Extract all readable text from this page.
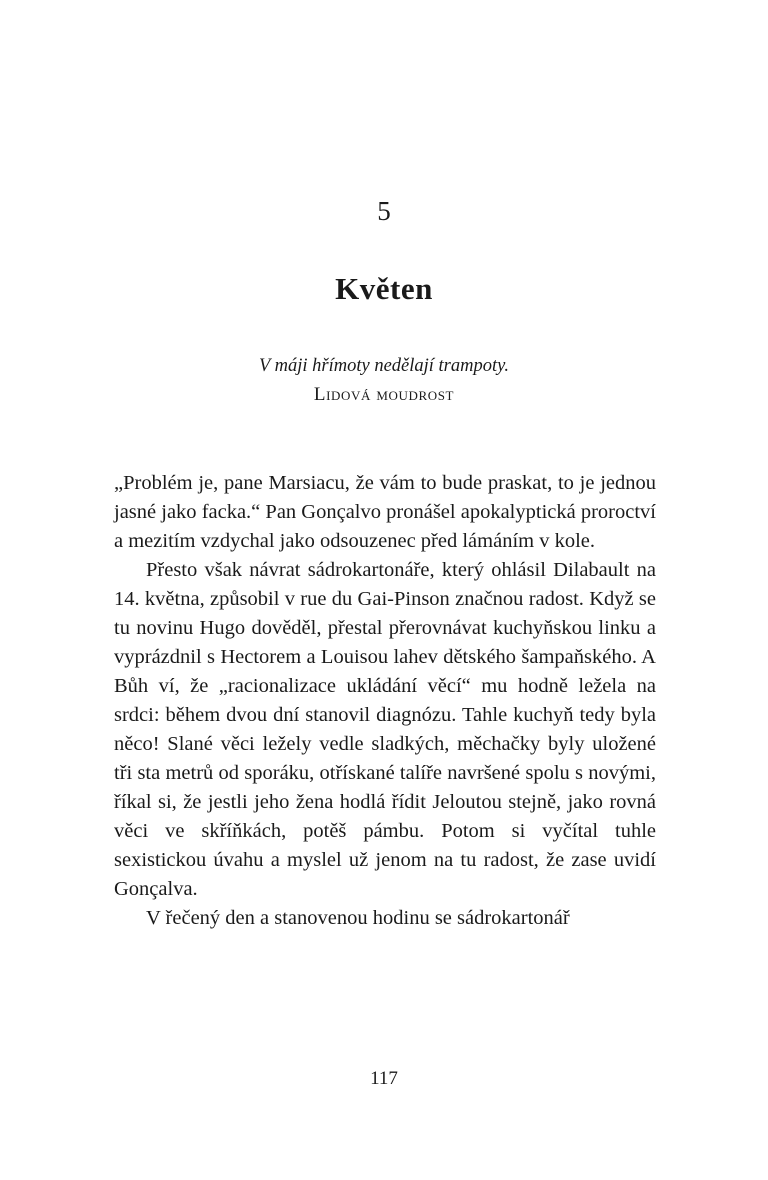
5
Květen
V máji hřímoty nedělají trampoty.
Lidová moudrost

„Problém je, pane Marsiacu, že vám to bude praskat, to je jednou jasné jako facka.“ Pan Gonçalvo pronášel apokalyptická proroctví a mezitím vzdychal jako odsouzenec před lámáním v kole.

Přesto však návrat sádrokartonáře, který ohlásil Dilabault na 14. května, způsobil v rue du Gai-Pinson značnou radost. Když se tu novinu Hugo dověděl, přestal přerovnávat kuchyňskou linku a vyprázdnil s Hectorem a Louisou lahev dětského šampaňského. A Bůh ví, že „racionalizace ukládání věcí“ mu hodně ležela na srdci: během dvou dní stanovil diagnózu. Tahle kuchyň tedy byla něco! Slané věci ležely vedle sladkých, měchačky byly uložené tři sta metrů od sporáku, otřískané talíře navršené spolu s novými, říkal si, že jestli jeho žena hodlá řídit Jeloutou stejně, jako rovná věci ve skříňkách, potěš pámbu. Potom si vyčítal tuhle sexistickou úvahu a myslel už jenom na tu radost, že zase uvidí Gonçalva.

V řečený den a stanovenou hodinu se sádrokartonář

117
